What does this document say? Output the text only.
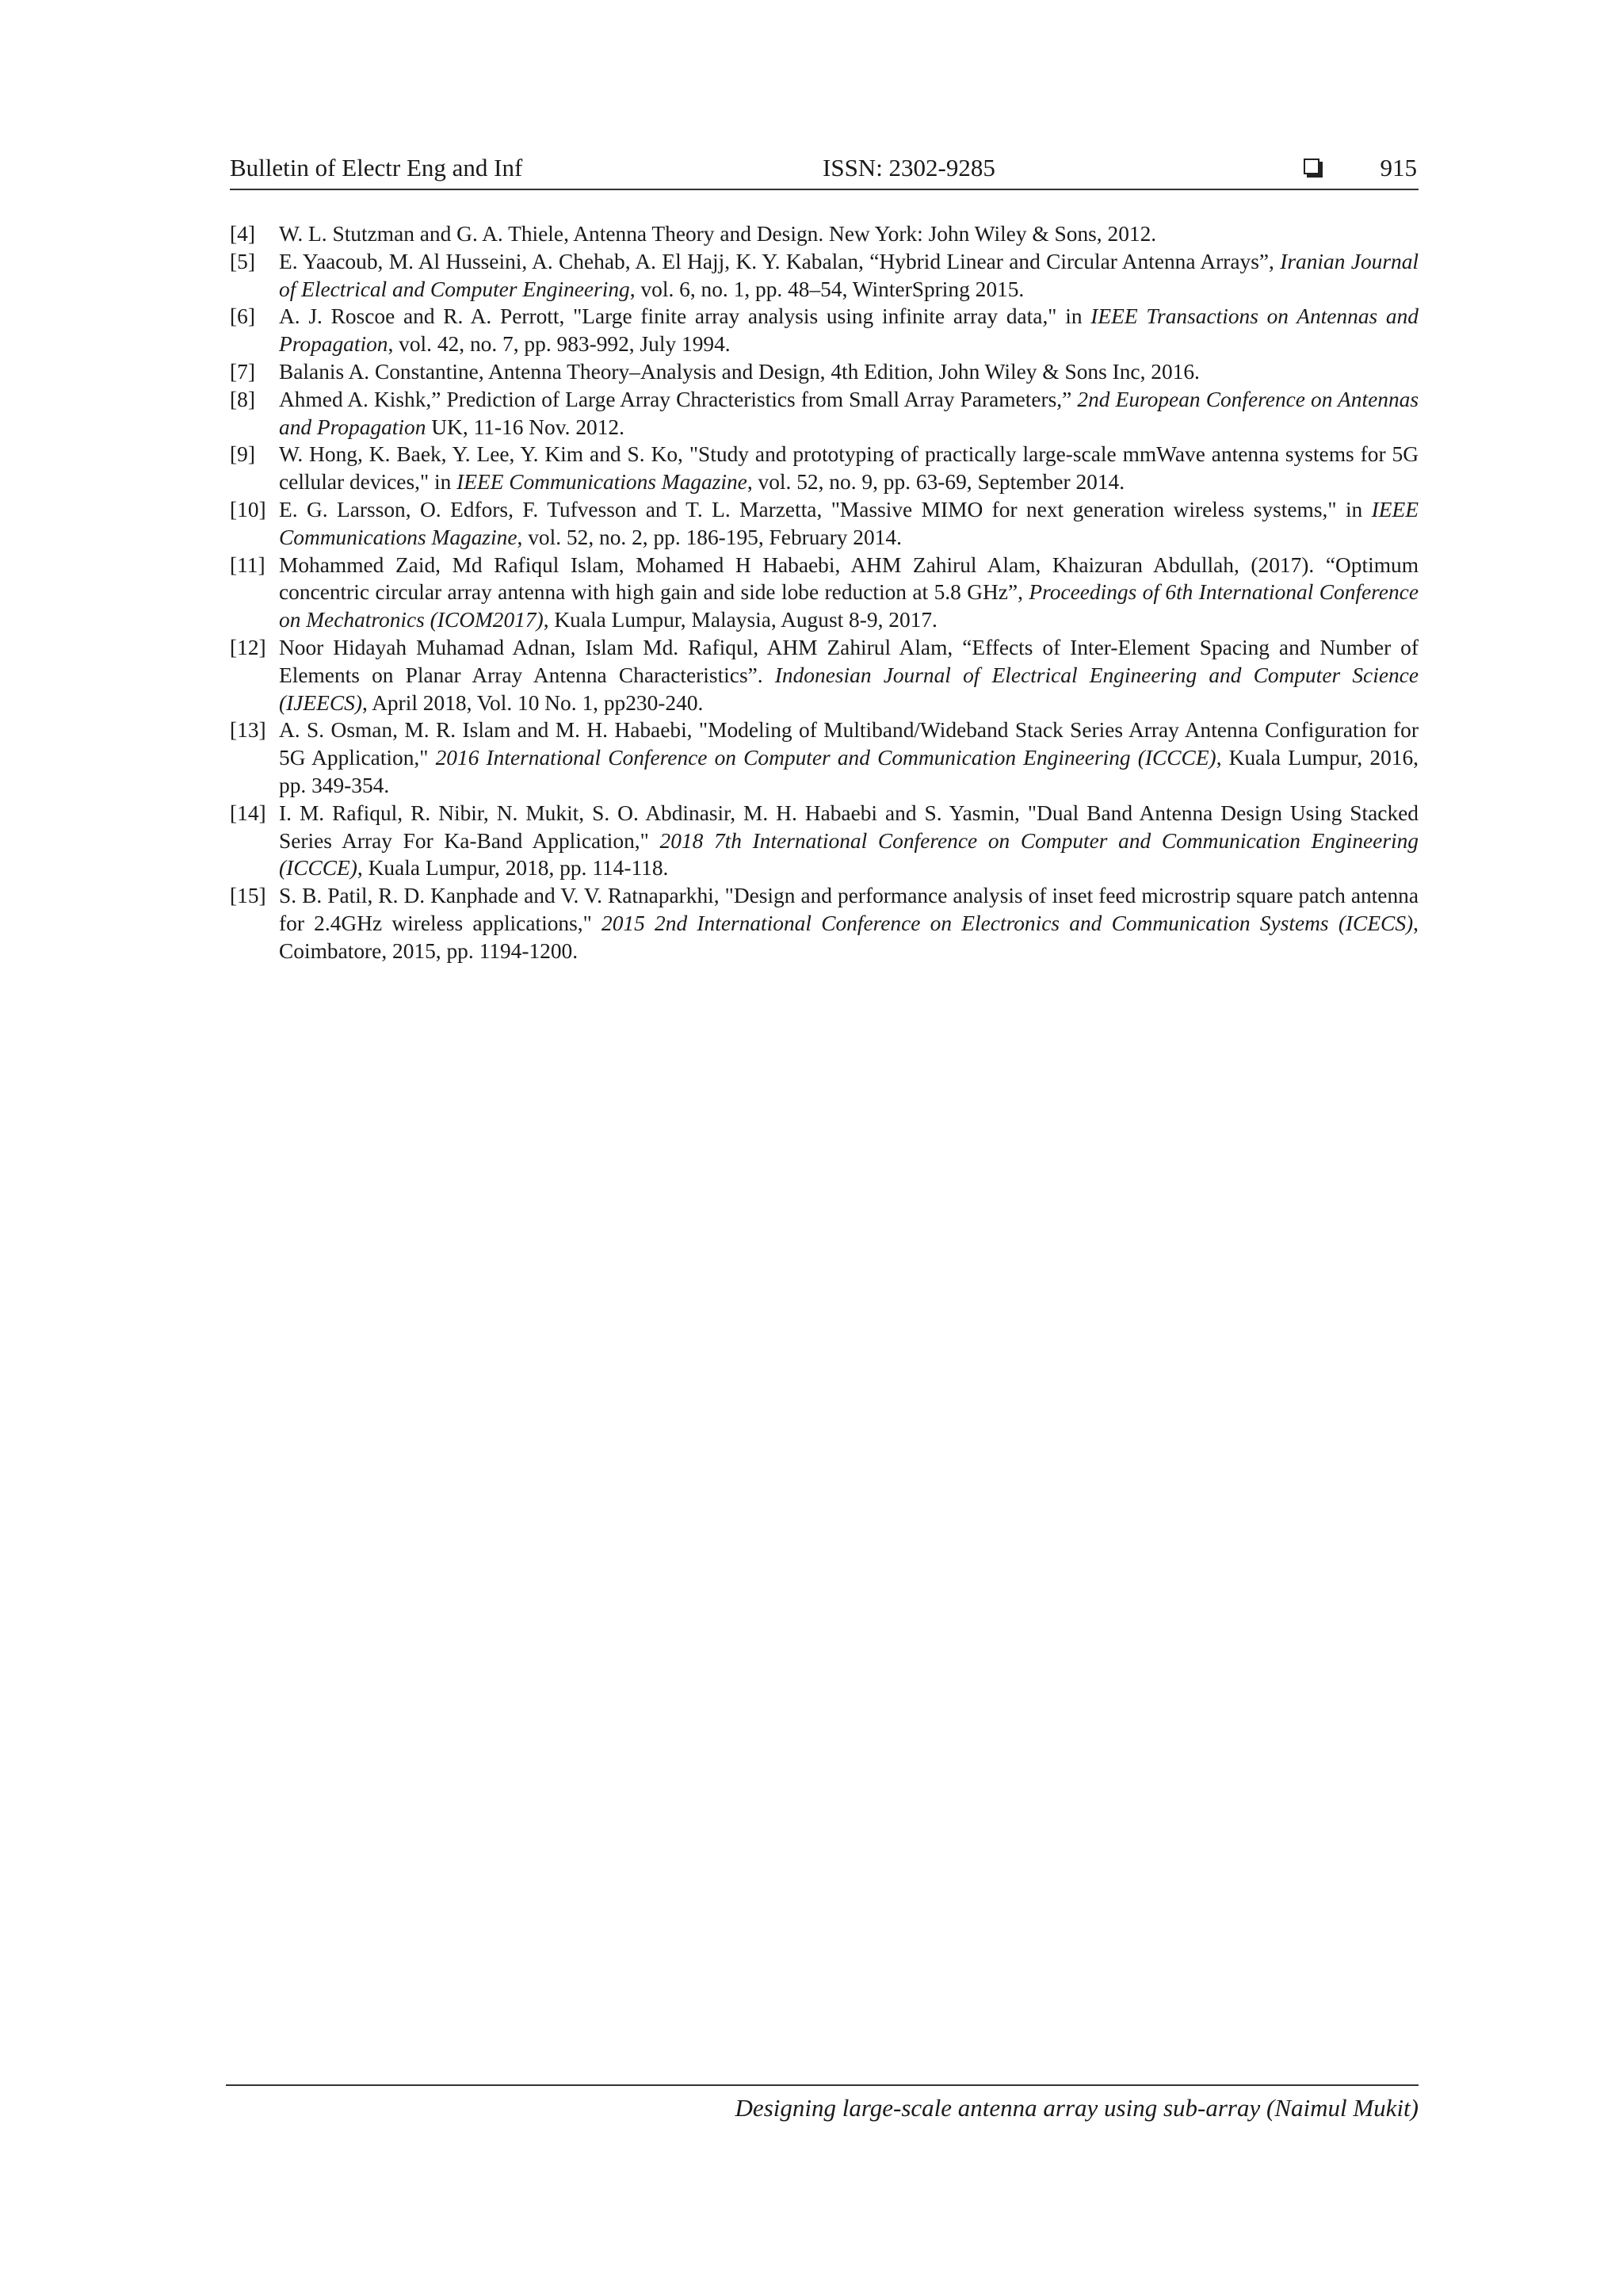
Bulletin of Electr Eng and Inf	ISSN: 2302-9285	915
[4] W. L. Stutzman and G. A. Thiele, Antenna Theory and Design. New York: John Wiley & Sons, 2012.
[5] E. Yaacoub, M. Al Husseini, A. Chehab, A. El Hajj, K. Y. Kabalan, “Hybrid Linear and Circular Antenna Arrays”, Iranian Journal of Electrical and Computer Engineering, vol. 6, no. 1, pp. 48–54, WinterSpring 2015.
[6] A. J. Roscoe and R. A. Perrott, "Large finite array analysis using infinite array data," in IEEE Transactions on Antennas and Propagation, vol. 42, no. 7, pp. 983-992, July 1994.
[7] Balanis A. Constantine, Antenna Theory–Analysis and Design, 4th Edition, John Wiley & Sons Inc, 2016.
[8] Ahmed A. Kishk,” Prediction of Large Array Chracteristics from Small Array Parameters,” 2nd European Conference on Antennas and Propagation UK, 11-16 Nov. 2012.
[9] W. Hong, K. Baek, Y. Lee, Y. Kim and S. Ko, "Study and prototyping of practically large-scale mmWave antenna systems for 5G cellular devices," in IEEE Communications Magazine, vol. 52, no. 9, pp. 63-69, September 2014.
[10] E. G. Larsson, O. Edfors, F. Tufvesson and T. L. Marzetta, "Massive MIMO for next generation wireless systems," in IEEE Communications Magazine, vol. 52, no. 2, pp. 186-195, February 2014.
[11] Mohammed Zaid, Md Rafiqul Islam, Mohamed H Habaebi, AHM Zahirul Alam, Khaizuran Abdullah, (2017). “Optimum concentric circular array antenna with high gain and side lobe reduction at 5.8 GHz”, Proceedings of 6th International Conference on Mechatronics (ICOM2017), Kuala Lumpur, Malaysia, August 8-9, 2017.
[12] Noor Hidayah Muhamad Adnan, Islam Md. Rafiqul, AHM Zahirul Alam, “Effects of Inter-Element Spacing and Number of Elements on Planar Array Antenna Characteristics”. Indonesian Journal of Electrical Engineering and Computer Science (IJEECS), April 2018, Vol. 10 No. 1, pp230-240.
[13] A. S. Osman, M. R. Islam and M. H. Habaebi, "Modeling of Multiband/Wideband Stack Series Array Antenna Configuration for 5G Application," 2016 International Conference on Computer and Communication Engineering (ICCCE), Kuala Lumpur, 2016, pp. 349-354.
[14] I. M. Rafiqul, R. Nibir, N. Mukit, S. O. Abdinasir, M. H. Habaebi and S. Yasmin, "Dual Band Antenna Design Using Stacked Series Array For Ka-Band Application," 2018 7th International Conference on Computer and Communication Engineering (ICCCE), Kuala Lumpur, 2018, pp. 114-118.
[15] S. B. Patil, R. D. Kanphade and V. V. Ratnaparkhi, "Design and performance analysis of inset feed microstrip square patch antenna for 2.4GHz wireless applications," 2015 2nd International Conference on Electronics and Communication Systems (ICECS), Coimbatore, 2015, pp. 1194-1200.
Designing large-scale antenna array using sub-array (Naimul Mukit)
